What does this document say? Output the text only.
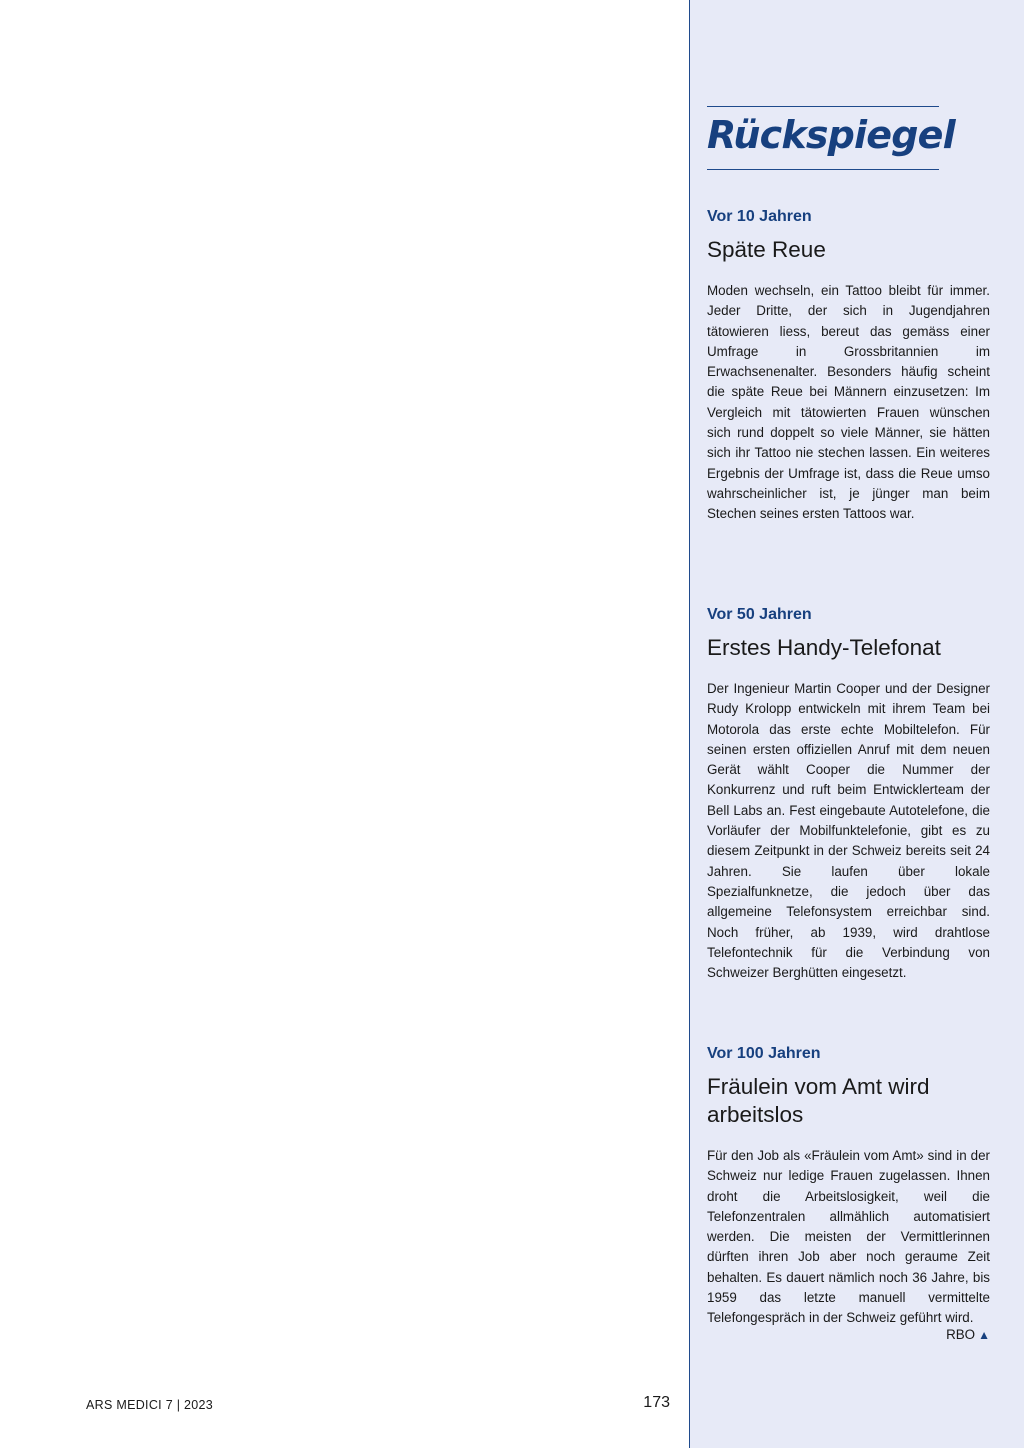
Rückspiegel

Vor 10 Jahren

Späte Reue

Moden wechseln, ein Tattoo bleibt für immer. Jeder Dritte, der sich in Jugendjahren tätowieren liess, bereut das gemäss einer Umfrage in Grossbritannien im Erwachsenenalter. Besonders häufig scheint die späte Reue bei Männern einzusetzen: Im Vergleich mit tätowierten Frauen wünschen sich rund doppelt so viele Männer, sie hätten sich ihr Tattoo nie stechen lassen. Ein weiteres Ergebnis der Umfrage ist, dass die Reue umso wahrscheinlicher ist, je jünger man beim Stechen seines ersten Tattoos war.

Vor 50 Jahren

Erstes Handy-Telefonat

Der Ingenieur Martin Cooper und der Designer Rudy Krolopp entwickeln mit ihrem Team bei Motorola das erste echte Mobiltelefon. Für seinen ersten offiziellen Anruf mit dem neuen Gerät wählt Cooper die Nummer der Konkurrenz und ruft beim Entwicklerteam der Bell Labs an. Fest eingebaute Autotelefone, die Vorläufer der Mobilfunktelefonie, gibt es zu diesem Zeitpunkt in der Schweiz bereits seit 24 Jahren. Sie laufen über lokale Spezialfunknetze, die jedoch über das allgemeine Telefonsystem erreichbar sind. Noch früher, ab 1939, wird drahtlose Telefontechnik für die Verbindung von Schweizer Berghütten eingesetzt.

Vor 100 Jahren

Fräulein vom Amt wird arbeitslos

Für den Job als «Fräulein vom Amt» sind in der Schweiz nur ledige Frauen zugelassen. Ihnen droht die Arbeitslosigkeit, weil die Telefonzentralen allmählich automatisiert werden. Die meisten der Vermittlerinnen dürften ihren Job aber noch geraume Zeit behalten. Es dauert nämlich noch 36 Jahre, bis 1959 das letzte manuell vermittelte Telefongespräch in der Schweiz geführt wird.

RBO ▲
ARS MEDICI 7 | 2023	173
